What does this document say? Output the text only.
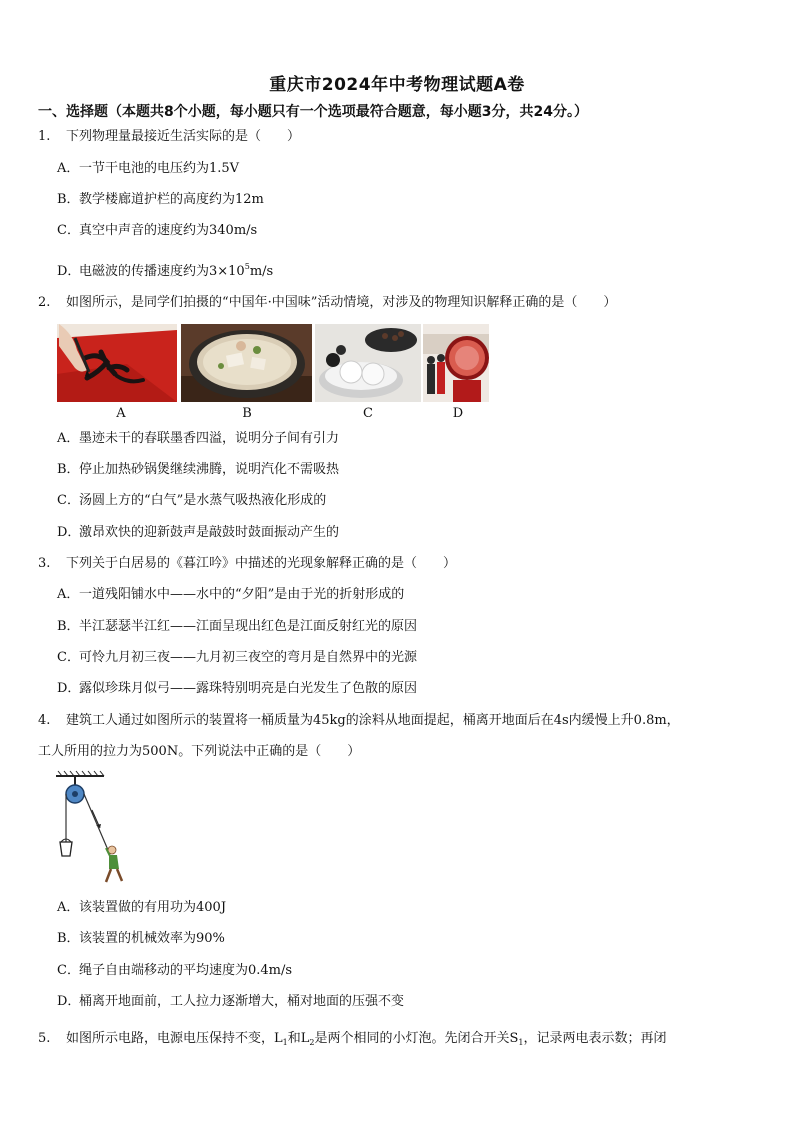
重庆市2024年中考物理试题A卷
一、选择题（本题共8个小题，每小题只有一个选项最符合题意，每小题3分，共24分。）
1. 下列物理量最接近生活实际的是（　　）
A．一节干电池的电压约为1.5V
B．教学楼廊道护栏的高度约为12m
C．真空中声音的速度约为340m/s
D．电磁波的传播速度约为$3\times 10^5m/s$
2. 如图所示，是同学们拍摄的“中国年·中国味”活动情境，对涉及的物理知识解释正确的是（　　）
A	B	C	D
A．墨迹未干的春联墨香四溢，说明分子间有引力
B．停止加热砂锅煲继续沸腾，说明汽化不需吸热
C．汤圆上方的“白气”是水蒸气吸热液化形成的
D．激昂欢快的迎新鼓声是敲鼓时鼓面振动产生的
3. 下列关于白居易的《暮江吟》中描述的光现象解释正确的是（　　）
A．一道残阳铺水中——水中的“夕阳”是由于光的折射形成的
B．半江瑟瑟半江红——江面呈现出红色是江面反射红光的原因
C．可怜九月初三夜——九月初三夜空的弯月是自然界中的光源
D．露似珍珠月似弓——露珠特别明亮是白光发生了色散的原因
4. 建筑工人通过如图所示的装置将一桶质量为45kg的涂料从地面提起，桶离开地面后在4s内缓慢上升0.8m，
工人所用的拉力为500N。下列说法中正确的是（　　）
A．该装置做的有用功为400J
B．该装置的机械效率为90%
C．绳子自由端移动的平均速度为0.4m/s
D．桶离开地面前，工人拉力逐渐增大，桶对地面的压强不变
5. 如图所示电路，电源电压保持不变，$L_1$和$L_2$是两个相同的小灯泡。先闭合开关$S_1$，记录两电表示数；再闭
